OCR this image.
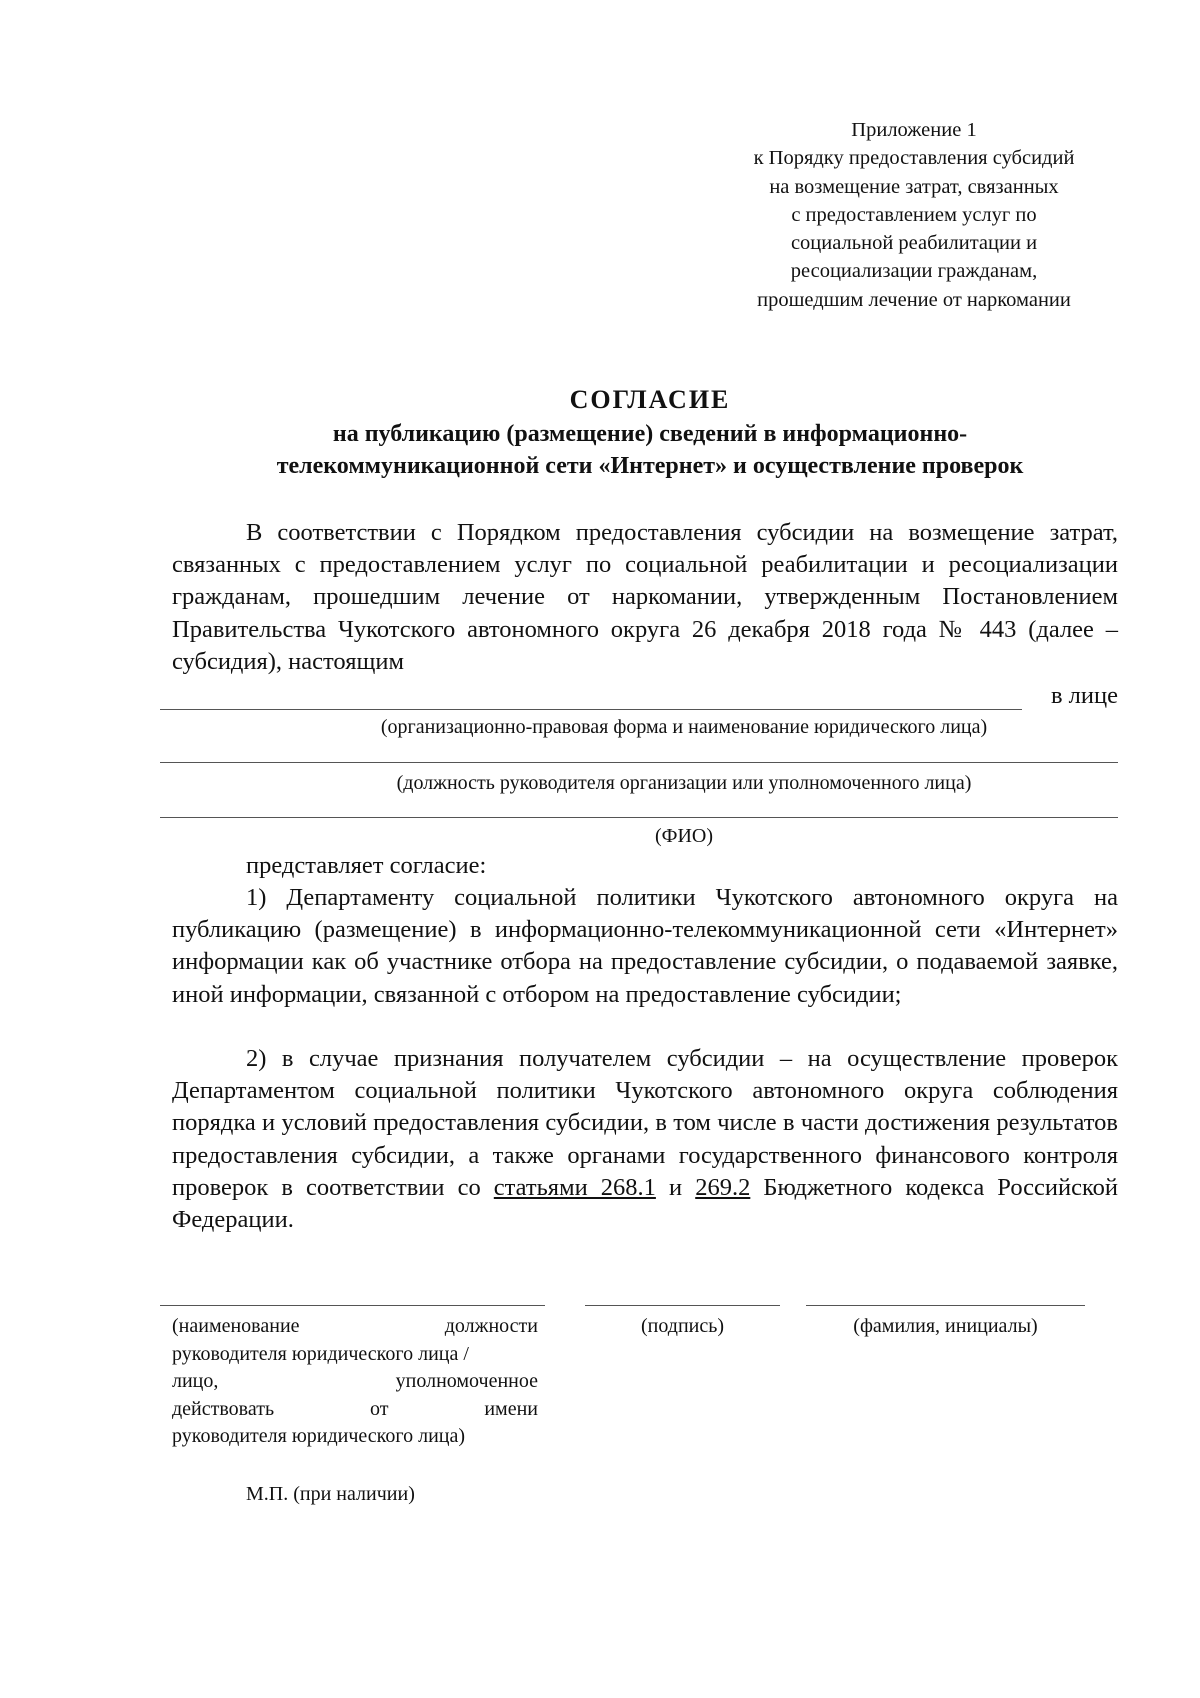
Приложение 1
к Порядку предоставления субсидий
на возмещение затрат, связанных
с предоставлением услуг по
социальной реабилитации и
ресоциализации гражданам,
прошедшим лечение от наркомании
СОГЛАСИЕ
на публикацию (размещение) сведений в информационно-
телекоммуникационной сети «Интернет» и осуществление проверок
В соответствии с Порядком предоставления субсидии на возмещение затрат, связанных с предоставлением услуг по социальной реабилитации и ресоциализации гражданам, прошедшим лечение от наркомании, утвержденным Постановлением Правительства Чукотского автономного округа 26 декабря 2018 года № 443 (далее – субсидия), настоящим
в лице
(организационно-правовая форма и наименование юридического лица)
(должность руководителя организации или уполномоченного лица)
(ФИО)
представляет согласие:
1) Департаменту социальной политики Чукотского автономного округа на публикацию (размещение) в информационно-телекоммуникационной сети «Интернет» информации как об участнике отбора на предоставление субсидии, о подаваемой заявке, иной информации, связанной с отбором на предоставление субсидии;
2) в случае признания получателем субсидии – на осуществление проверок Департаментом социальной политики Чукотского автономного округа соблюдения порядка и условий предоставления субсидии, в том числе в части достижения результатов предоставления субсидии, а также органами государственного финансового контроля проверок в соответствии со статьями 268.1 и 269.2 Бюджетного кодекса Российской Федерации.
(наименование должности
руководителя юридического лица /
лицо, уполномоченное
действовать от имени
руководителя юридического лица)
(подпись)	(фамилия, инициалы)
М.П. (при наличии)
